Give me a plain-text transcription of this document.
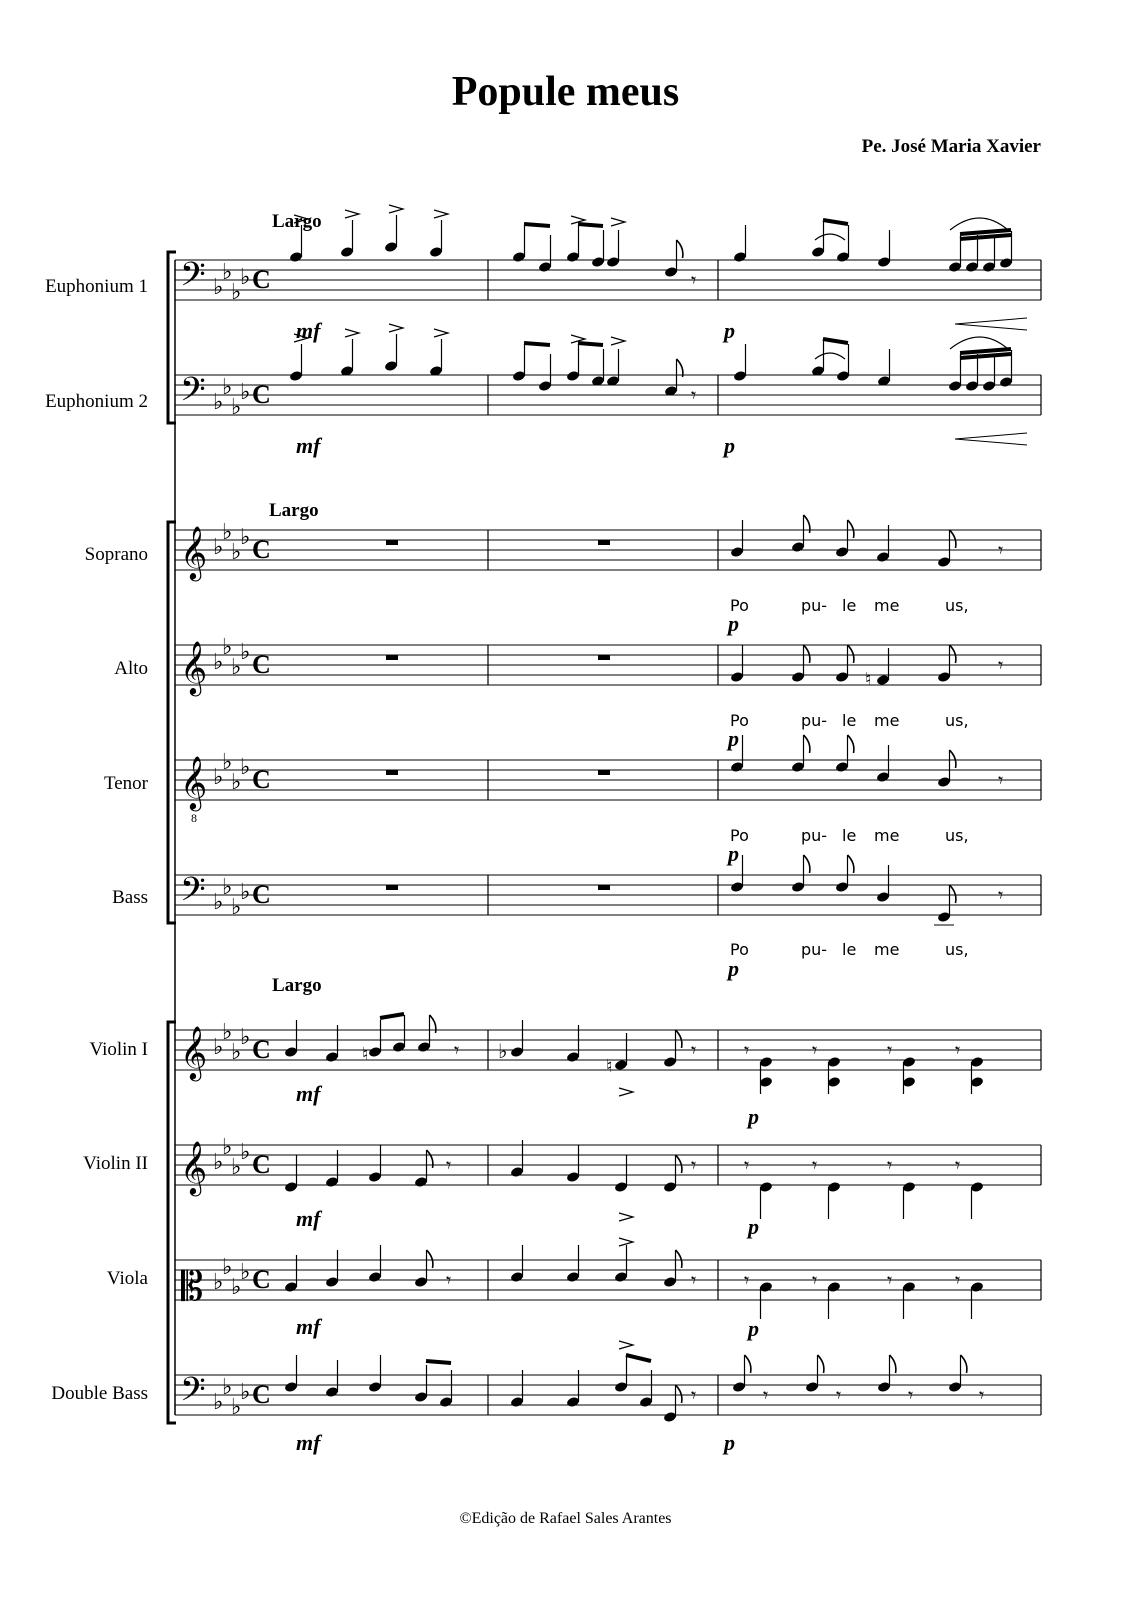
Popule meus
Pe. José Maria Xavier
©Edição de Rafael Sales Arantes
Largo
Largo
Largo
Euphonium 1
Euphonium 2
Soprano
Alto
Tenor
Bass
Violin I
Violin II
Viola
Double Bass
mf	p
mf	p
p
p
p
p
mf
p
mf	p
mf	p
mf	p
Po	pu- le me	us,
Po	pu- le me	us,
Po	pu- le me	us,
Po	pu- le me	us,
𝄢 ♭
♭
♭
♭ C
𝄢 ♭
♭
♭
♭ C
𝄞 ♭
♭
♭
♭ C
𝄞 ♭
♭
♭
♭ C
𝄞
8
♭
♭
♭
♭ C
𝄢 ♭
♭
♭
♭ C
𝄞 ♭
♭
♭
♭ C
𝄞 ♭
♭
♭
♭ C
𝄡 ♭
♭
♭
♭ C
𝄢 ♭
♭
♭
♭ C
𝄾
𝄾
𝄾
𝄾
♮
𝄾
𝄾
𝄾
♮
♮
♭	𝄾 𝄾	𝄾	𝄾	𝄾
𝄾	𝄾 𝄾	𝄾	𝄾	𝄾
𝄾	𝄾 𝄾	𝄾	𝄾	𝄾
𝄾	𝄾	𝄾	𝄾	𝄾
